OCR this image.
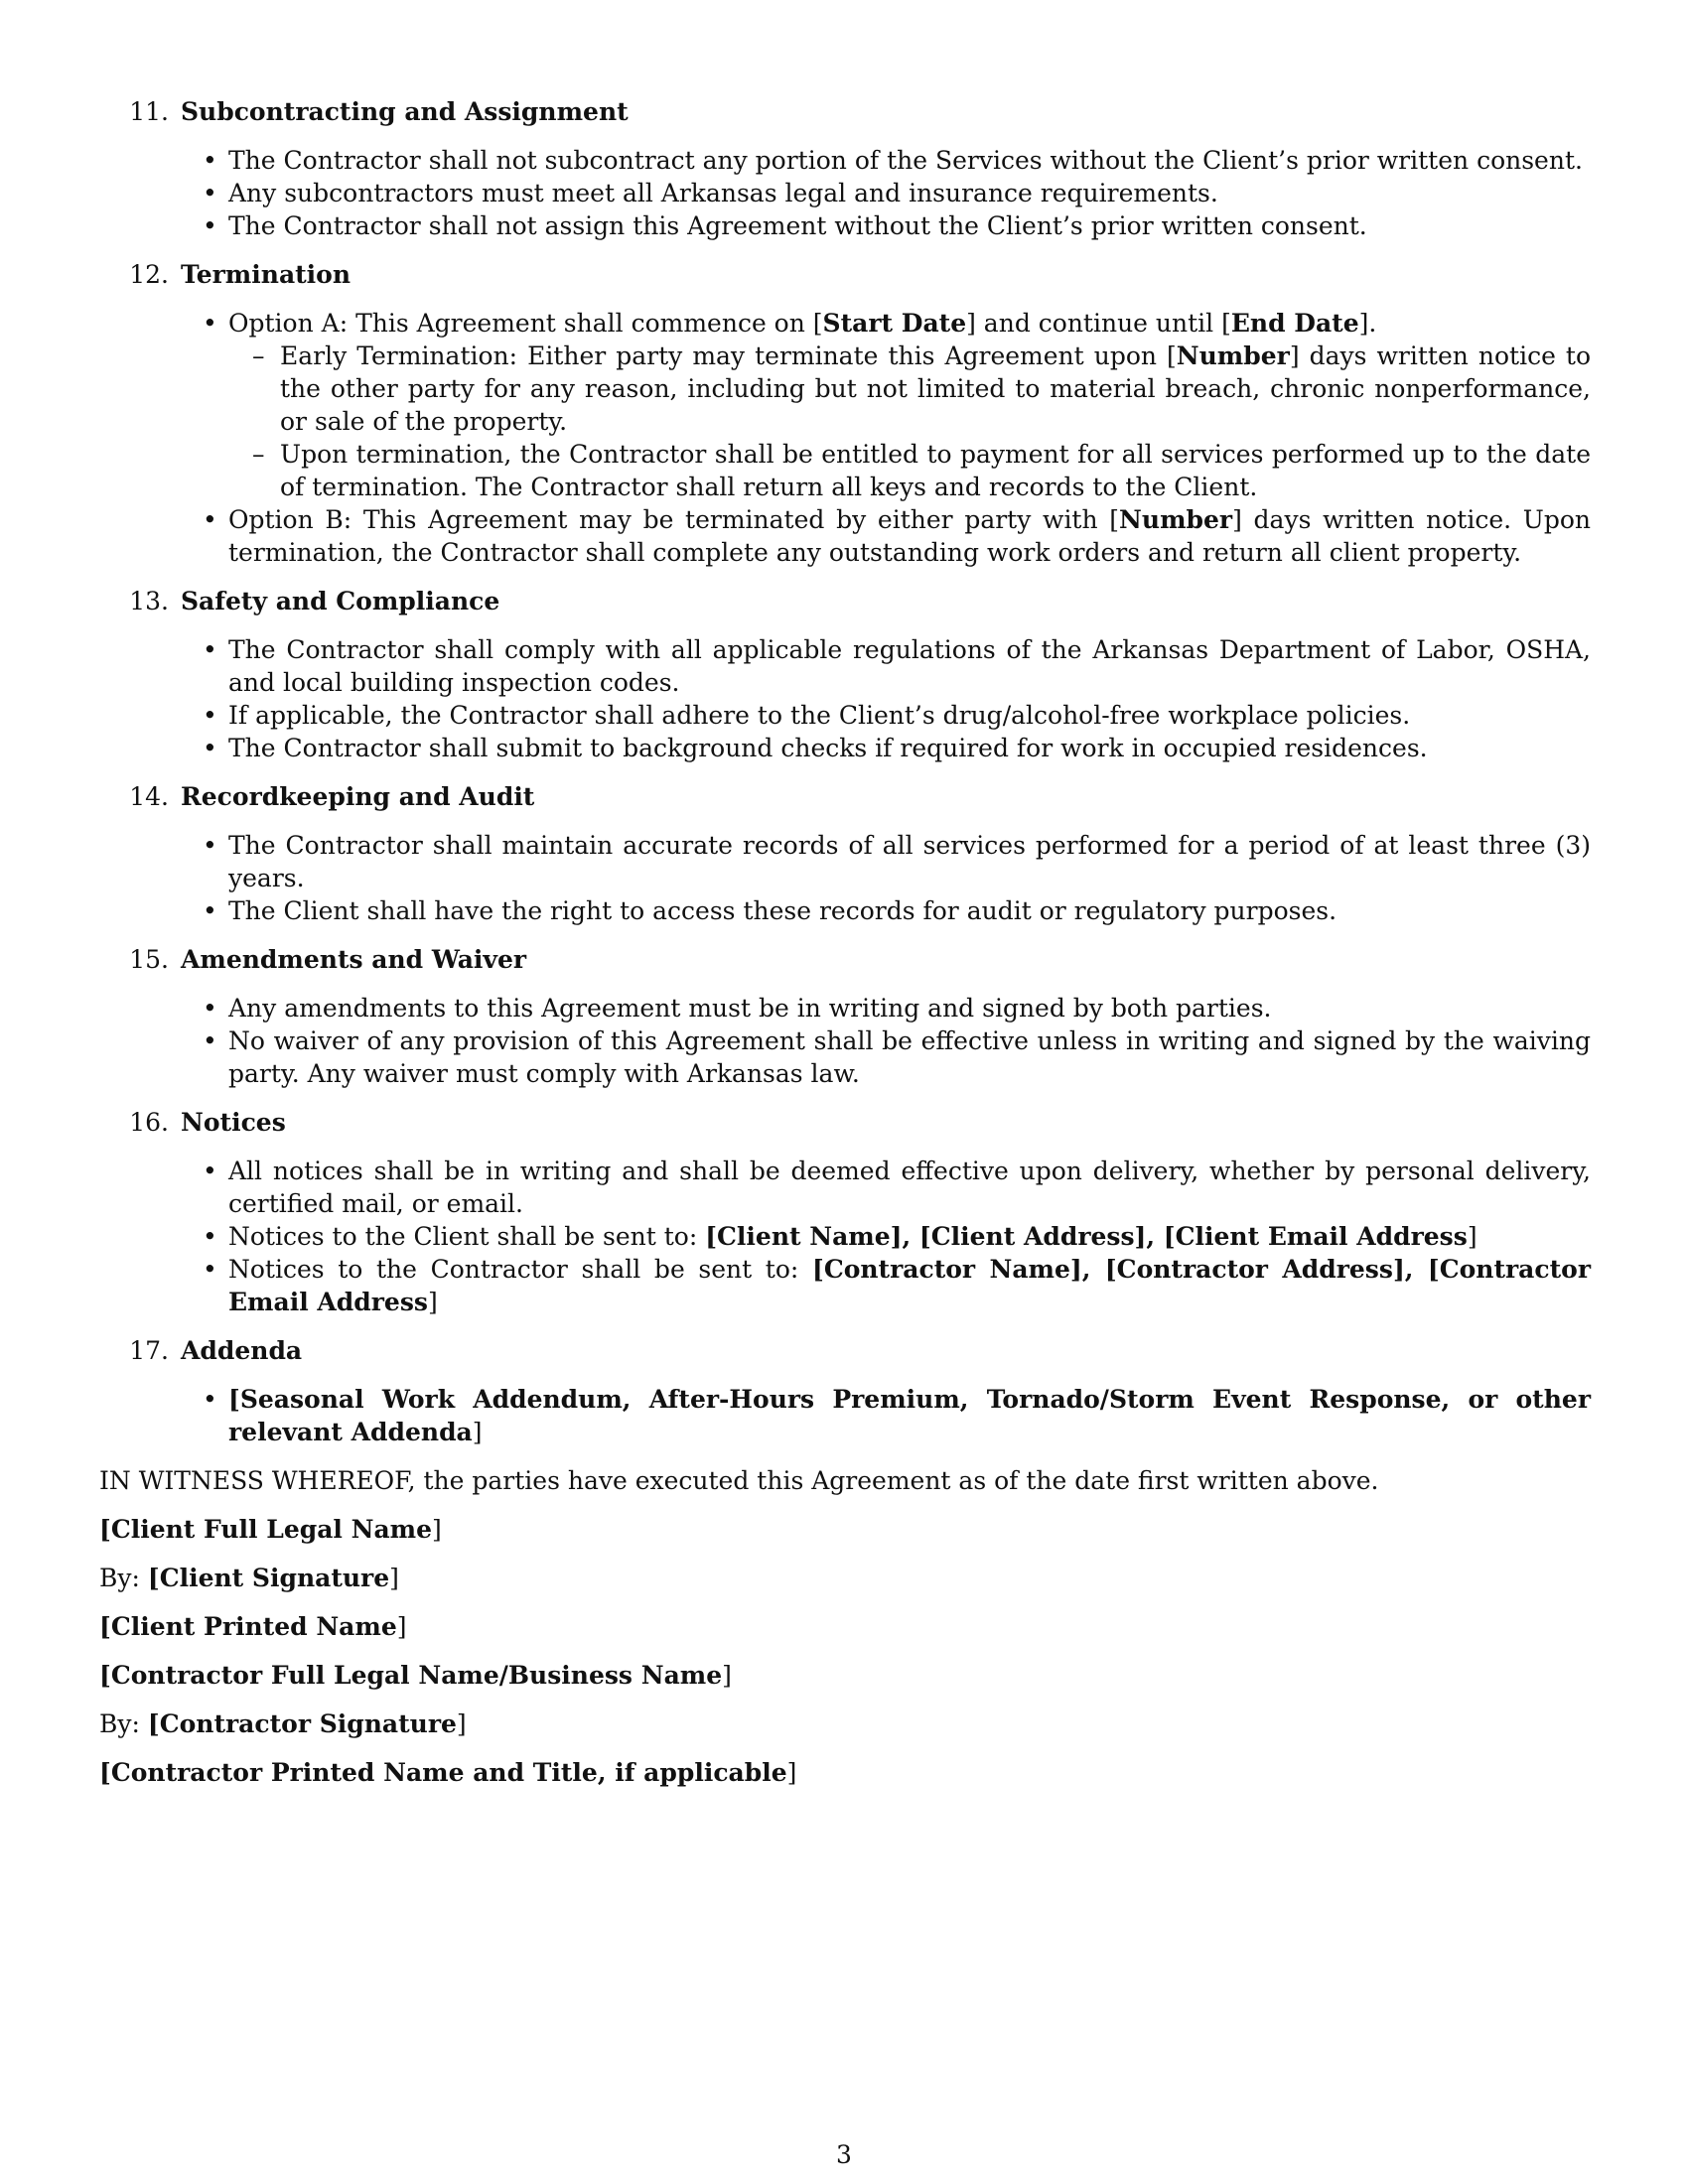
11. Subcontracting and Assignment
• The Contractor shall not subcontract any portion of the Services without the Client’s prior written consent.
• Any subcontractors must meet all Arkansas legal and insurance requirements.
• The Contractor shall not assign this Agreement without the Client’s prior written consent.
12. Termination
• Option A: This Agreement shall commence on [Start Date] and continue until [End Date].
– Early Termination: Either party may terminate this Agreement upon [Number] days written notice to the other party for any reason, including but not limited to material breach, chronic nonperformance, or sale of the property.
– Upon termination, the Contractor shall be entitled to payment for all services performed up to the date of termination. The Contractor shall return all keys and records to the Client.
• Option B: This Agreement may be terminated by either party with [Number] days written notice. Upon termination, the Contractor shall complete any outstanding work orders and return all client property.
13. Safety and Compliance
• The Contractor shall comply with all applicable regulations of the Arkansas Department of Labor, OSHA, and local building inspection codes.
• If applicable, the Contractor shall adhere to the Client’s drug/alcohol-free workplace policies.
• The Contractor shall submit to background checks if required for work in occupied residences.
14. Recordkeeping and Audit
• The Contractor shall maintain accurate records of all services performed for a period of at least three (3) years.
• The Client shall have the right to access these records for audit or regulatory purposes.
15. Amendments and Waiver
• Any amendments to this Agreement must be in writing and signed by both parties.
• No waiver of any provision of this Agreement shall be effective unless in writing and signed by the waiving party. Any waiver must comply with Arkansas law.
16. Notices
• All notices shall be in writing and shall be deemed effective upon delivery, whether by personal delivery, certified mail, or email.
• Notices to the Client shall be sent to: [Client Name], [Client Address], [Client Email Address]
• Notices to the Contractor shall be sent to: [Contractor Name], [Contractor Address], [Contractor Email Address]
17. Addenda
• [Seasonal Work Addendum, After-Hours Premium, Tornado/Storm Event Response, or other relevant Addenda]
IN WITNESS WHEREOF, the parties have executed this Agreement as of the date first written above.
[Client Full Legal Name]
By: [Client Signature]
[Client Printed Name]
[Contractor Full Legal Name/Business Name]
By: [Contractor Signature]
[Contractor Printed Name and Title, if applicable]
3
